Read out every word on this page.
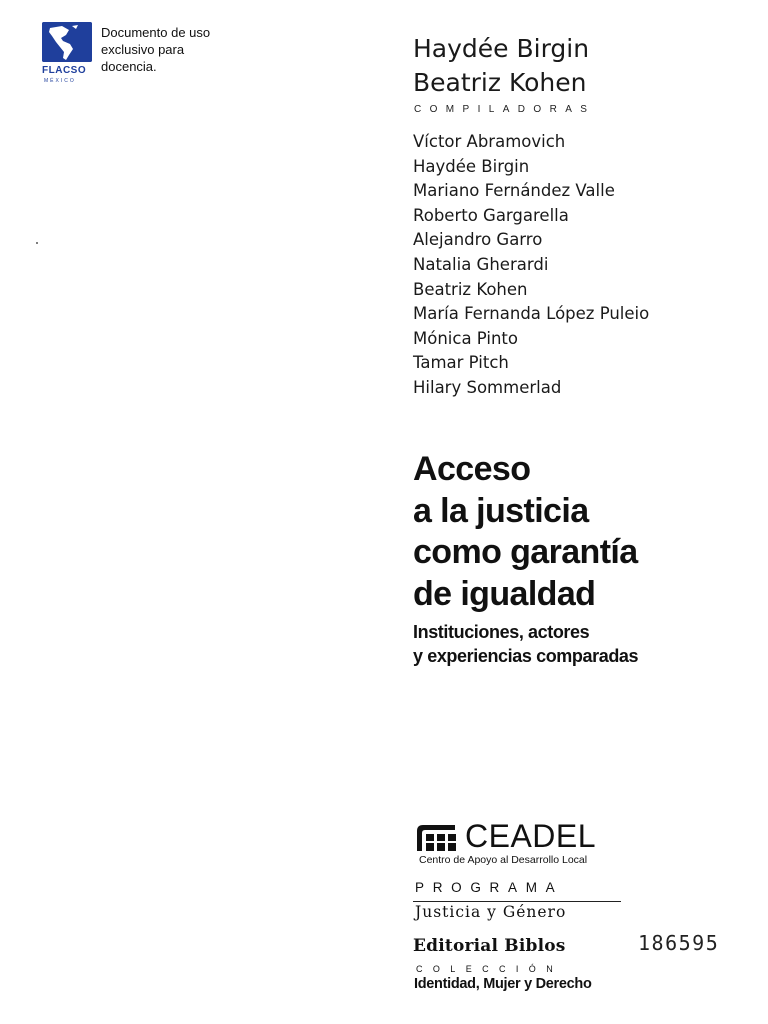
FLACSO
MÉXICO
Documento de uso
exclusivo para
docencia.
Haydée Birgin
Beatriz Kohen
COMPILADORAS
Víctor Abramovich
Haydée Birgin
Mariano Fernández Valle
Roberto Gargarella
Alejandro Garro
Natalia Gherardi
Beatriz Kohen
María Fernanda López Puleio
Mónica Pinto
Tamar Pitch
Hilary Sommerlad
Acceso
a la justicia
como garantía
de igualdad
Instituciones, actores
y experiencias comparadas
CEADEL
Centro de Apoyo al Desarrollo Local
PROGRAMA
Justicia y Género
Editorial Biblos	186595
COLECCIÓN
Identidad, Mujer y Derecho
